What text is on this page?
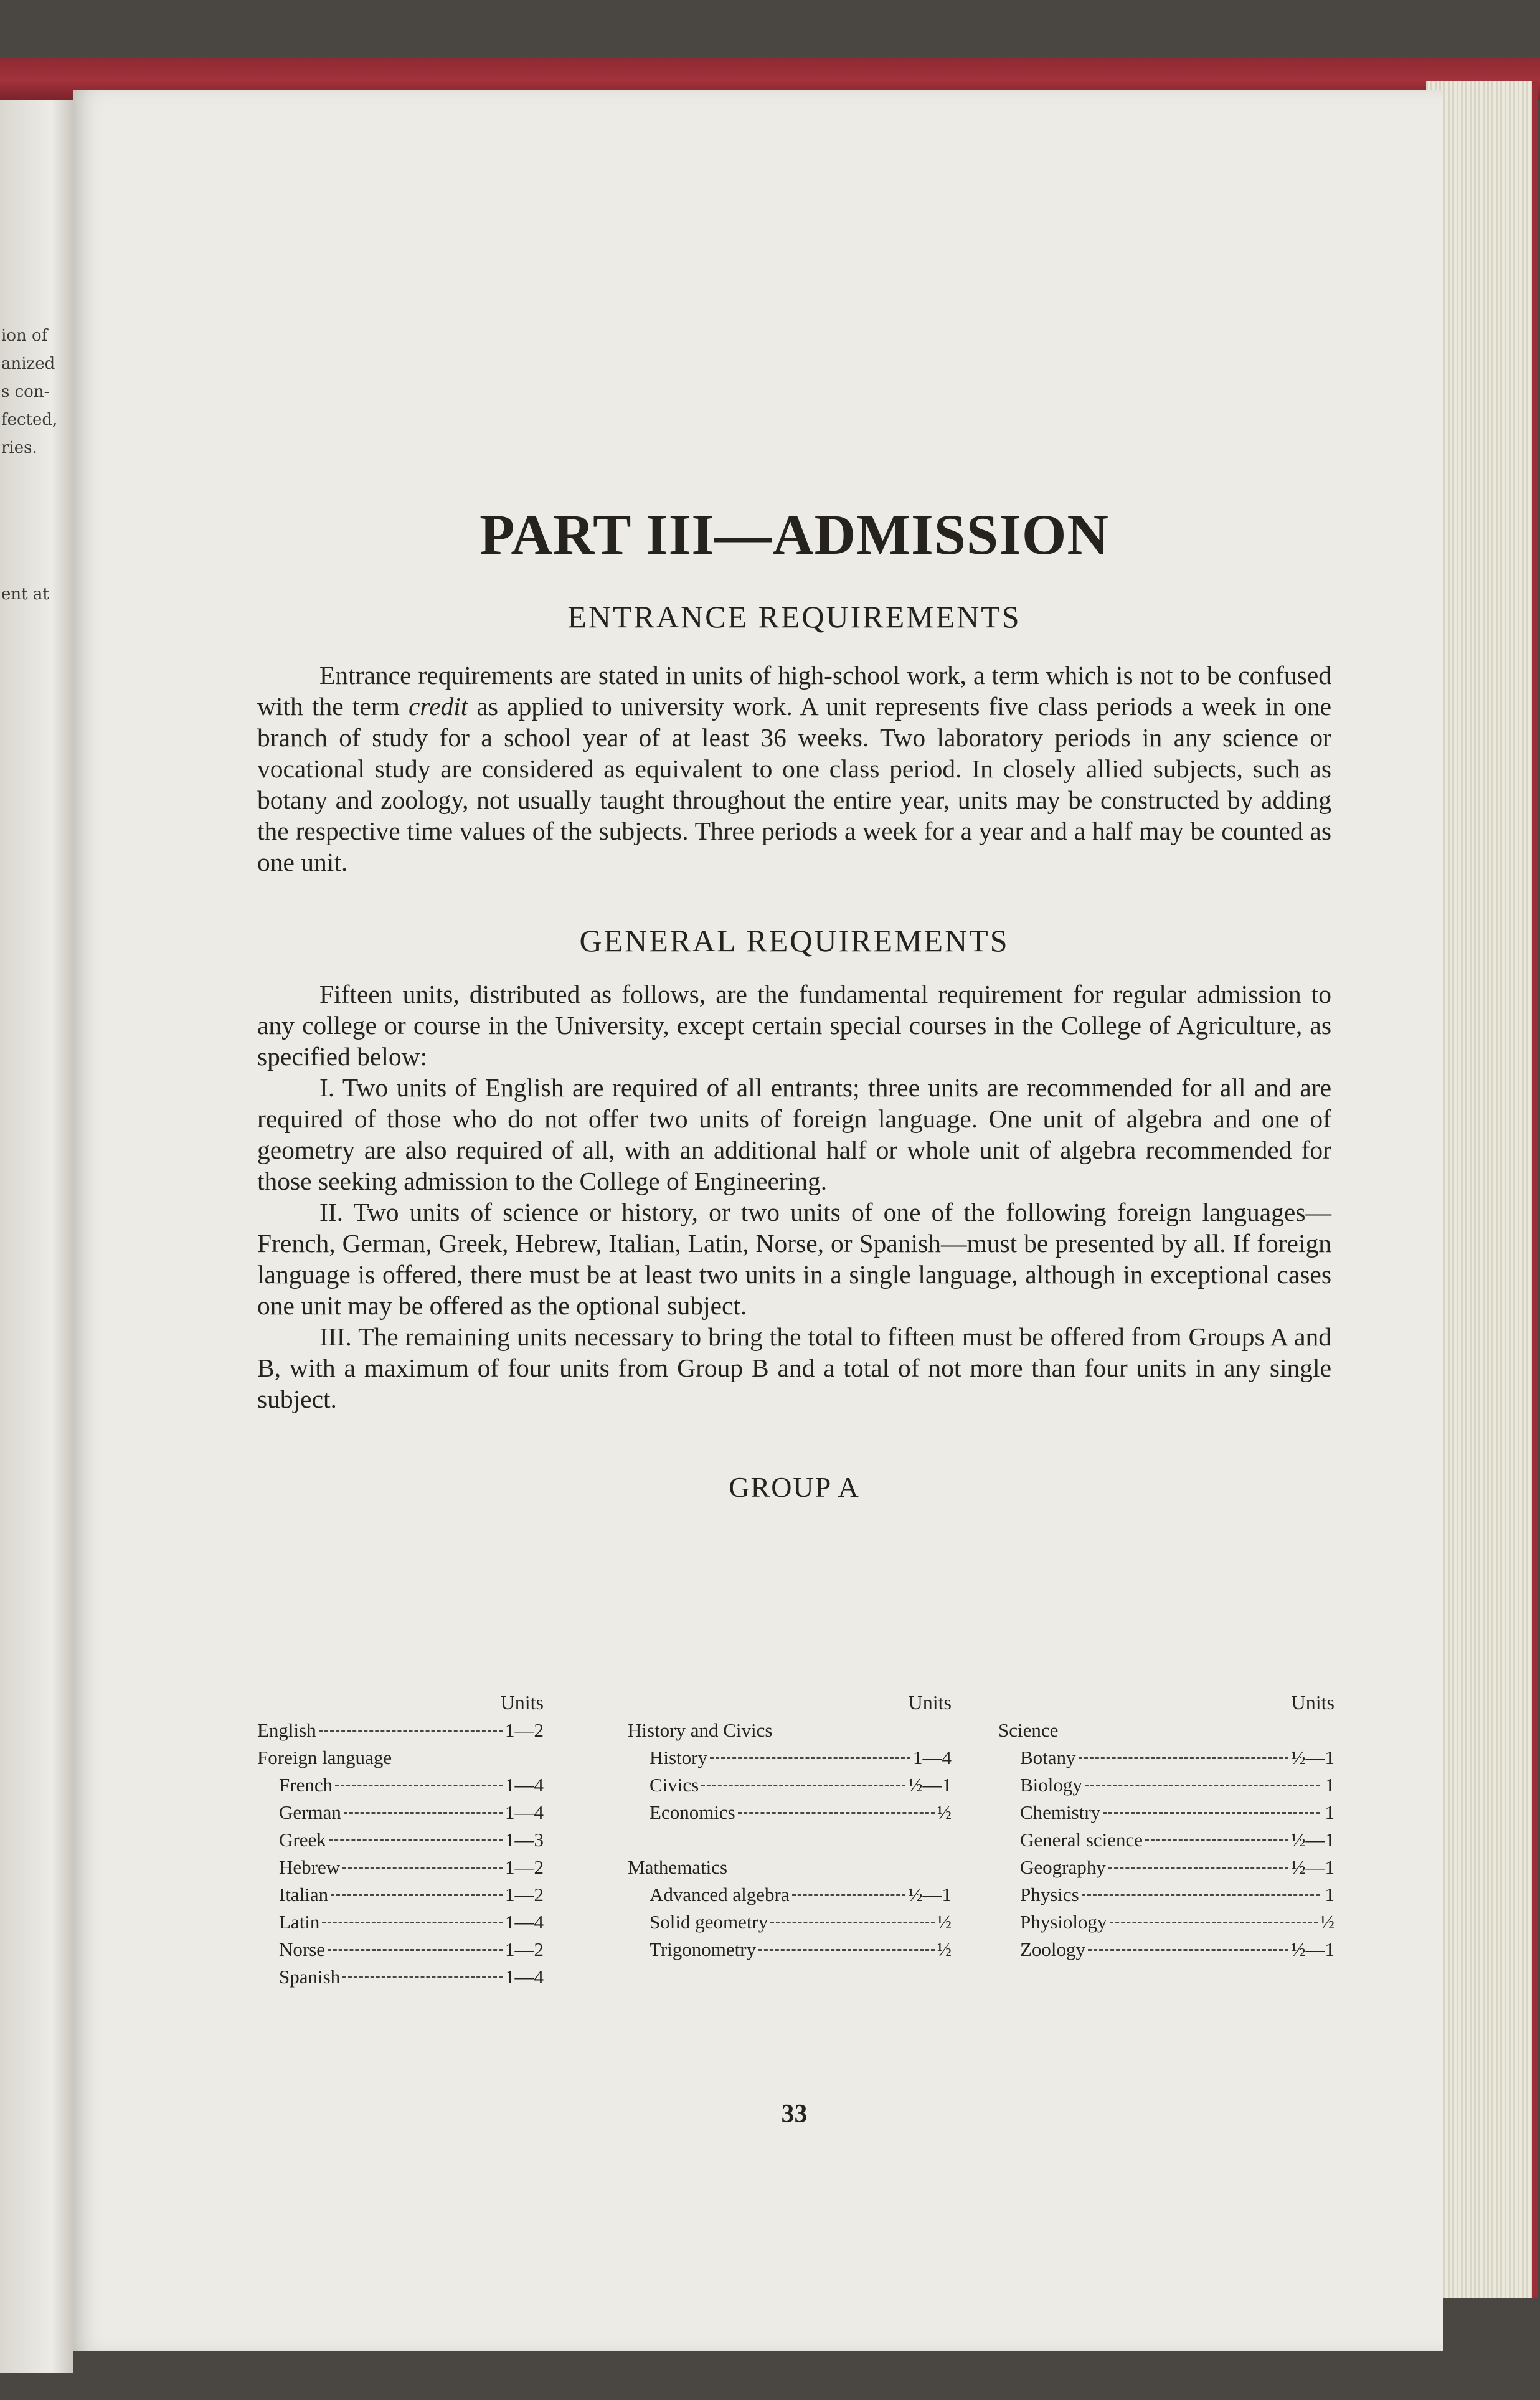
ion of
anized
s con-
fected,
ries.
ent at
PART III—ADMISSION
ENTRANCE REQUIREMENTS

Entrance requirements are stated in units of high-school work, a term which is not to be confused with the term credit as applied to university work. A unit represents five class periods a week in one branch of study for a school year of at least 36 weeks. Two laboratory periods in any science or vocational study are considered as equivalent to one class period. In closely allied subjects, such as botany and zoology, not usually taught throughout the entire year, units may be constructed by adding the respective time values of the subjects. Three periods a week for a year and a half may be counted as one unit.

GENERAL REQUIREMENTS

Fifteen units, distributed as follows, are the fundamental requirement for regular admission to any college or course in the University, except certain special courses in the College of Agriculture, as specified below:

I. Two units of English are required of all entrants; three units are recommended for all and are required of those who do not offer two units of foreign language. One unit of algebra and one of geometry are also required of all, with an additional half or whole unit of algebra recommended for those seeking admission to the College of Engineering.

II. Two units of science or history, or two units of one of the following foreign languages—French, German, Greek, Hebrew, Italian, Latin, Norse, or Spanish—must be presented by all. If foreign language is offered, there must be at least two units in a single language, although in exceptional cases one unit may be offered as the optional subject.

III. The remaining units necessary to bring the total to fifteen must be offered from Groups A and B, with a maximum of four units from Group B and a total of not more than four units in any single subject.

GROUP A
Units
English	1—2
Foreign language
French	1—4
German	1—4
Greek	1—3
Hebrew	1—2
Italian	1—2
Latin	1—4
Norse	1—2
Spanish	1—4
Units
History and Civics
History	1—4
Civics	½—1
Economics	½
Mathematics
Advanced algebra	½—1
Solid geometry	½
Trigonometry	½
Units
Science
Botany	½—1
Biology	1
Chemistry	1
General science	½—1
Geography	½—1
Physics	1
Physiology	½
Zoology	½—1
33
